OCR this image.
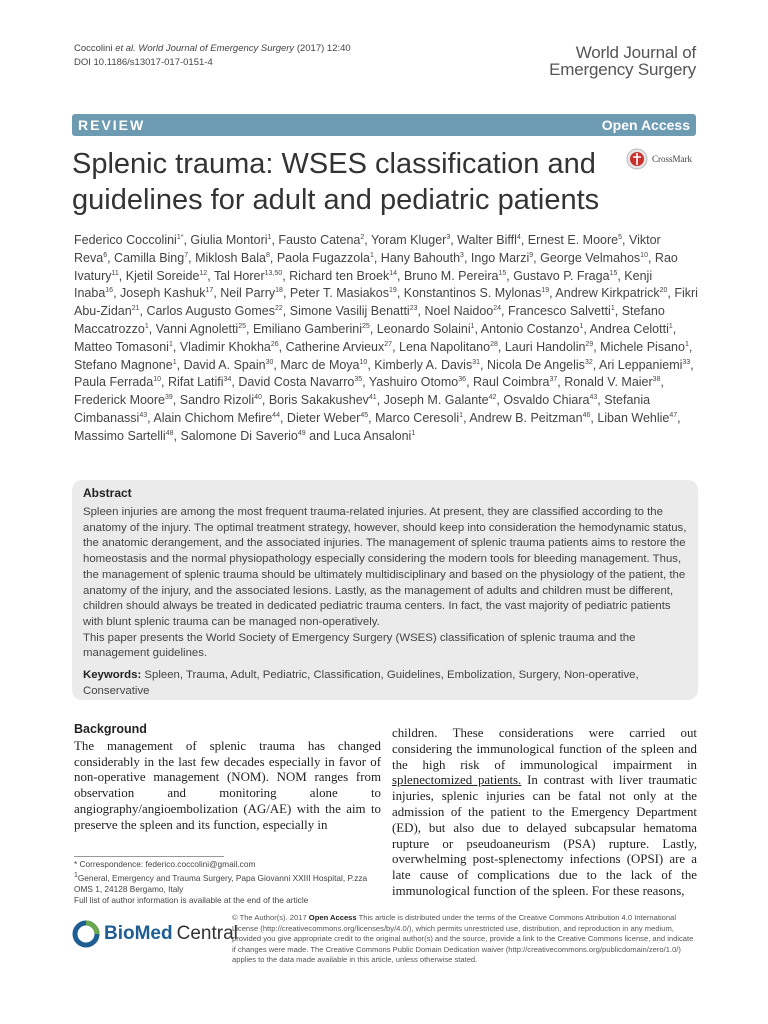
Coccolini et al. World Journal of Emergency Surgery (2017) 12:40
DOI 10.1186/s13017-017-0151-4	World Journal of
Emergency Surgery
REVIEW	Open Access
Splenic trauma: WSES classification and guidelines for adult and pediatric patients
CrossMark
Federico Coccolini$^{1*}$, Giulia Montori$^1$, Fausto Catena$^2$, Yoram Kluger$^3$, Walter Biffl$^4$, Ernest E. Moore$^5$, Viktor Reva$^6$, Camilla Bing$^7$, Miklosh Bala$^8$, Paola Fugazzola$^1$, Hany Bahouth$^3$, Ingo Marzi$^9$, George Velmahos$^{10}$, Rao Ivatury$^{11}$, Kjetil Soreide$^{12}$, Tal Horer$^{13,50}$, Richard ten Broek$^{14}$, Bruno M. Pereira$^{15}$, Gustavo P. Fraga$^{15}$, Kenji Inaba$^{16}$, Joseph Kashuk$^{17}$, Neil Parry$^{18}$, Peter T. Masiakos$^{19}$, Konstantinos S. Mylonas$^{19}$, Andrew Kirkpatrick$^{20}$, Fikri Abu-Zidan$^{21}$, Carlos Augusto Gomes$^{22}$, Simone Vasilij Benatti$^{23}$, Noel Naidoo$^{24}$, Francesco Salvetti$^1$, Stefano Maccatrozzo$^1$, Vanni Agnoletti$^{25}$, Emiliano Gamberini$^{25}$, Leonardo Solaini$^1$, Antonio Costanzo$^1$, Andrea Celotti$^1$, Matteo Tomasoni$^1$, Vladimir Khokha$^{26}$, Catherine Arvieux$^{27}$, Lena Napolitano$^{28}$, Lauri Handolin$^{29}$, Michele Pisano$^1$, Stefano Magnone$^1$, David A. Spain$^{30}$, Marc de Moya$^{10}$, Kimberly A. Davis$^{31}$, Nicola De Angelis$^{32}$, Ari Leppaniemi$^{33}$, Paula Ferrada$^{10}$, Rifat Latifi$^{34}$, David Costa Navarro$^{35}$, Yashuiro Otomo$^{36}$, Raul Coimbra$^{37}$, Ronald V. Maier$^{38}$, Frederick Moore$^{39}$, Sandro Rizoli$^{40}$, Boris Sakakushev$^{41}$, Joseph M. Galante$^{42}$, Osvaldo Chiara$^{43}$, Stefania Cimbanassi$^{43}$, Alain Chichom Mefire$^{44}$, Dieter Weber$^{45}$, Marco Ceresoli$^1$, Andrew B. Peitzman$^{46}$, Liban Wehlie$^{47}$, Massimo Sartelli$^{48}$, Salomone Di Saverio$^{49}$ and Luca Ansaloni$^1$
Abstract
Spleen injuries are among the most frequent trauma-related injuries. At present, they are classified according to the anatomy of the injury. The optimal treatment strategy, however, should keep into consideration the hemodynamic status, the anatomic derangement, and the associated injuries. The management of splenic trauma patients aims to restore the homeostasis and the normal physiopathology especially considering the modern tools for bleeding management. Thus, the management of splenic trauma should be ultimately multidisciplinary and based on the physiology of the patient, the anatomy of the injury, and the associated lesions. Lastly, as the management of adults and children must be different, children should always be treated in dedicated pediatric trauma centers. In fact, the vast majority of pediatric patients with blunt splenic trauma can be managed non-operatively.
This paper presents the World Society of Emergency Surgery (WSES) classification of splenic trauma and the management guidelines.
Keywords: Spleen, Trauma, Adult, Pediatric, Classification, Guidelines, Embolization, Surgery, Non-operative, Conservative
Background
The management of splenic trauma has changed considerably in the last few decades especially in favor of non-operative management (NOM). NOM ranges from observation and monitoring alone to angiography/angioembolization (AG/AE) with the aim to preserve the spleen and its function, especially in
children. These considerations were carried out considering the immunological function of the spleen and the high risk of immunological impairment in splenectomized patients. In contrast with liver traumatic injuries, splenic injuries can be fatal not only at the admission of the patient to the Emergency Department (ED), but also due to delayed subcapsular hematoma rupture or pseudoaneurism (PSA) rupture. Lastly, overwhelming post-splenectomy infections (OPSI) are a late cause of complications due to the lack of the immunological function of the spleen. For these reasons,
* Correspondence: federico.coccolini@gmail.com
$^1$General, Emergency and Trauma Surgery, Papa Giovanni XXIII Hospital, P.zza OMS 1, 24128 Bergamo, Italy
Full list of author information is available at the end of the article
BioMed Central
© The Author(s). 2017 Open Access This article is distributed under the terms of the Creative Commons Attribution 4.0 International License (http://creativecommons.org/licenses/by/4.0/), which permits unrestricted use, distribution, and reproduction in any medium, provided you give appropriate credit to the original author(s) and the source, provide a link to the Creative Commons license, and indicate if changes were made. The Creative Commons Public Domain Dedication waiver (http://creativecommons.org/publicdomain/zero/1.0/) applies to the data made available in this article, unless otherwise stated.
